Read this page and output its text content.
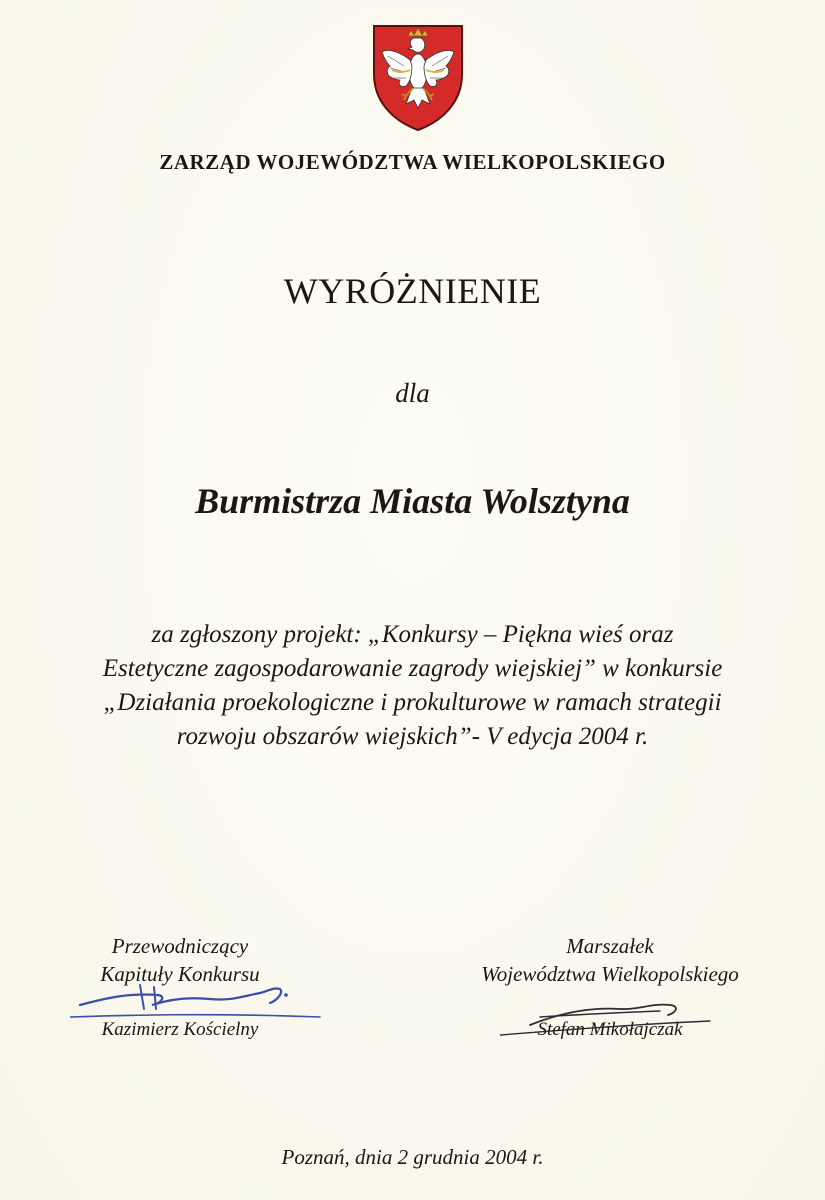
ZARZĄD WOJEWÓDZTWA WIELKOPOLSKIEGO
WYRÓŻNIENIE
dla
Burmistrza Miasta Wolsztyna
za zgłoszony projekt: „Konkursy – Piękna wieś oraz
Estetyczne zagospodarowanie zagrody wiejskiej” w konkursie
„Działania proekologiczne i prokulturowe w ramach strategii
rozwoju obszarów wiejskich”- V edycja 2004 r.
Przewodniczący
Kapituły Konkursu
Kazimierz Kościelny
Marszałek
Województwa Wielkopolskiego
Stefan Mikołajczak
Poznań, dnia 2 grudnia 2004 r.
